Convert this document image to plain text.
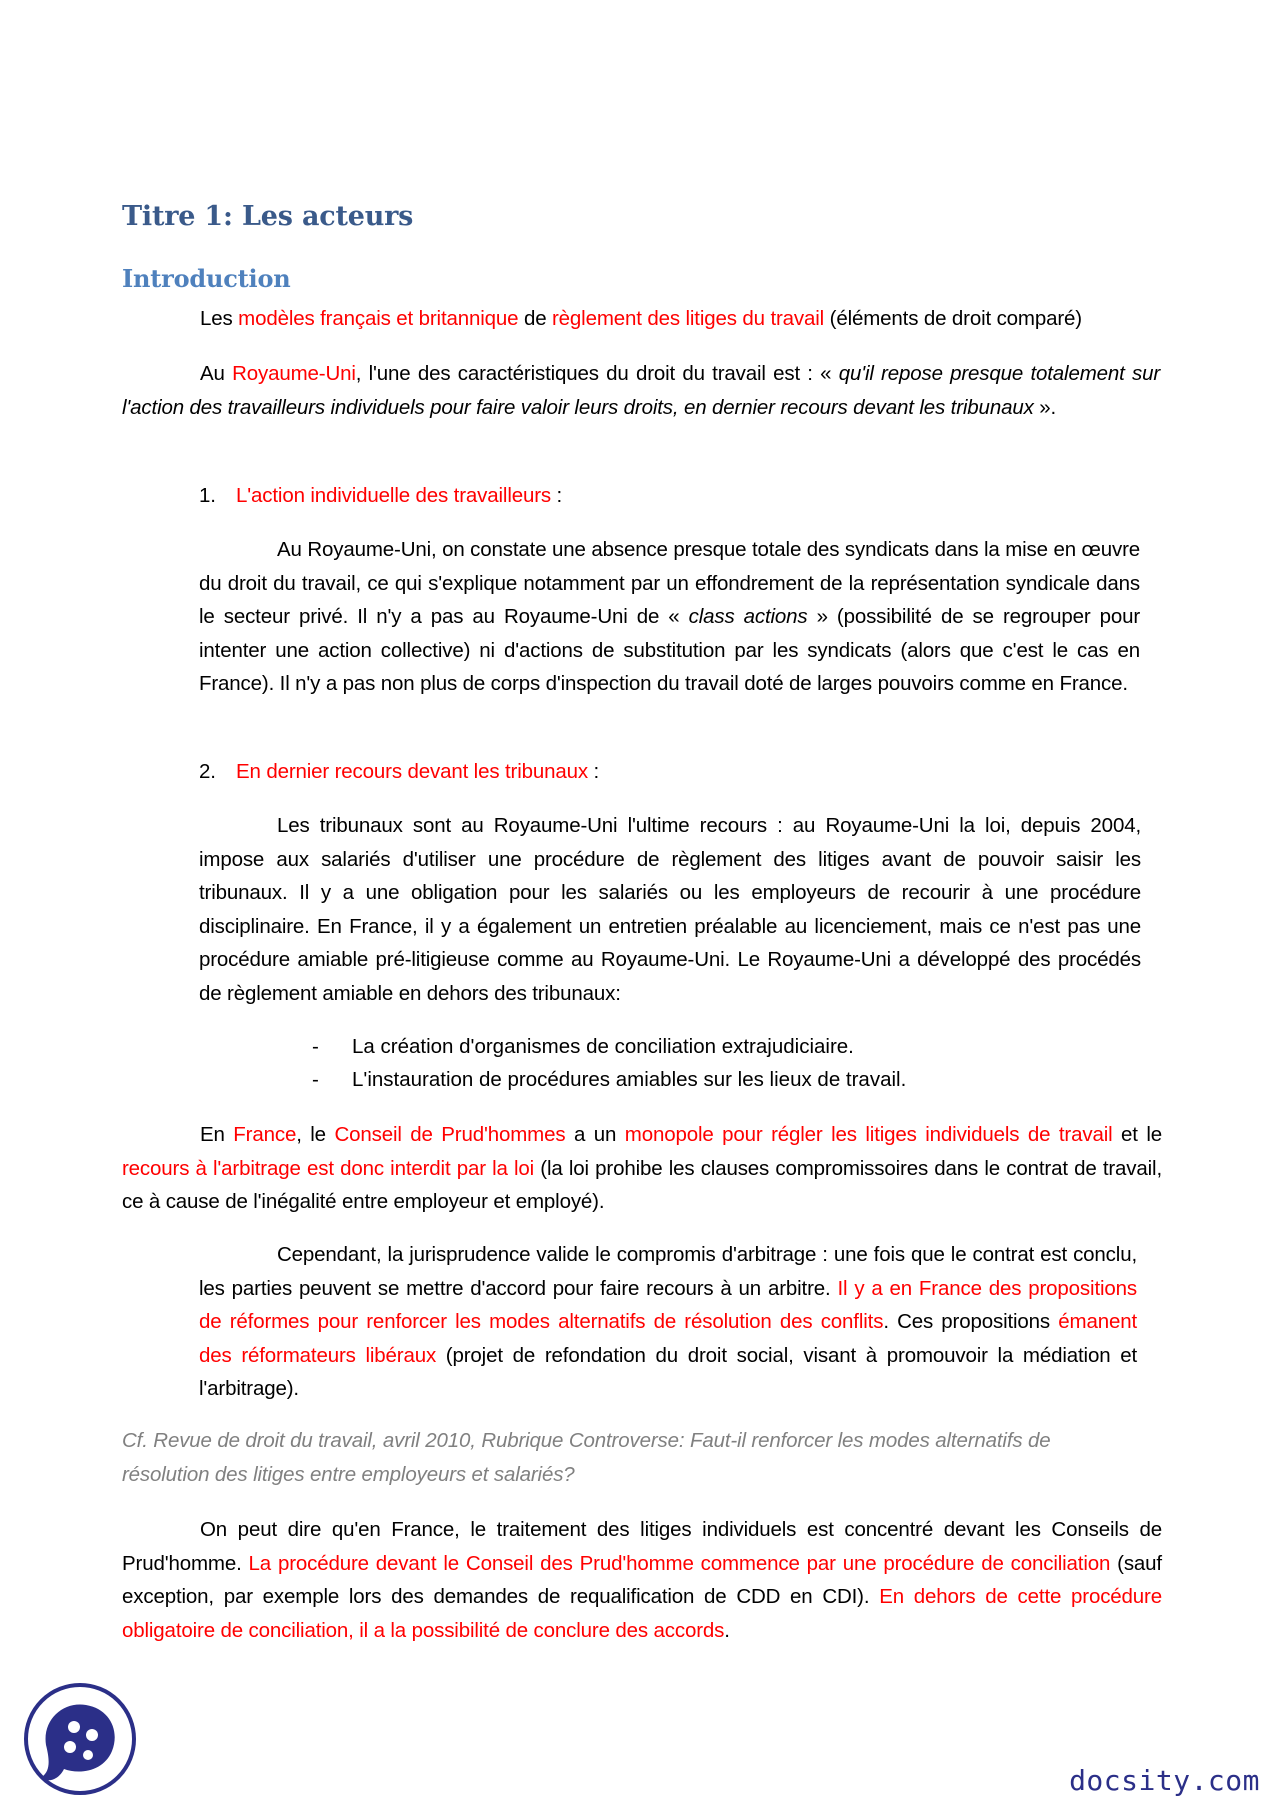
Titre 1: Les acteurs
Introduction

Les modèles français et britannique de règlement des litiges du travail (éléments de droit comparé)

Au Royaume-Uni, l'une des caractéristiques du droit du travail est : « qu'il repose presque totalement sur l'action des travailleurs individuels pour faire valoir leurs droits, en dernier recours devant les tribunaux ».

1. L'action individuelle des travailleurs :

Au Royaume-Uni, on constate une absence presque totale des syndicats dans la mise en œuvre du droit du travail, ce qui s'explique notamment par un effondrement de la représentation syndicale dans le secteur privé. Il n'y a pas au Royaume-Uni de « class actions » (possibilité de se regrouper pour intenter une action collective) ni d'actions de substitution par les syndicats (alors que c'est le cas en France). Il n'y a pas non plus de corps d'inspection du travail doté de larges pouvoirs comme en France.

2. En dernier recours devant les tribunaux :

Les tribunaux sont au Royaume-Uni l'ultime recours : au Royaume-Uni la loi, depuis 2004, impose aux salariés d'utiliser une procédure de règlement des litiges avant de pouvoir saisir les tribunaux. Il y a une obligation pour les salariés ou les employeurs de recourir à une procédure disciplinaire. En France, il y a également un entretien préalable au licenciement, mais ce n'est pas une procédure amiable pré-litigieuse comme au Royaume-Uni. Le Royaume-Uni a développé des procédés de règlement amiable en dehors des tribunaux:

-	La création d'organismes de conciliation extrajudiciaire.

-	L'instauration de procédures amiables sur les lieux de travail.

En France, le Conseil de Prud'hommes a un monopole pour régler les litiges individuels de travail et le recours à l'arbitrage est donc interdit par la loi (la loi prohibe les clauses compromissoires dans le contrat de travail, ce à cause de l'inégalité entre employeur et employé).

Cependant, la jurisprudence valide le compromis d'arbitrage : une fois que le contrat est conclu, les parties peuvent se mettre d'accord pour faire recours à un arbitre. Il y a en France des propositions de réformes pour renforcer les modes alternatifs de résolution des conflits. Ces propositions émanent des réformateurs libéraux (projet de refondation du droit social, visant à promouvoir la médiation et l'arbitrage).

Cf. Revue de droit du travail, avril 2010, Rubrique Controverse: Faut-il renforcer les modes alternatifs de résolution des litiges entre employeurs et salariés?

On peut dire qu'en France, le traitement des litiges individuels est concentré devant les Conseils de Prud'homme. La procédure devant le Conseil des Prud'homme commence par une procédure de conciliation (sauf exception, par exemple lors des demandes de requalification de CDD en CDI). En dehors de cette procédure obligatoire de conciliation, il a la possibilité de conclure des accords.

docsity.com
